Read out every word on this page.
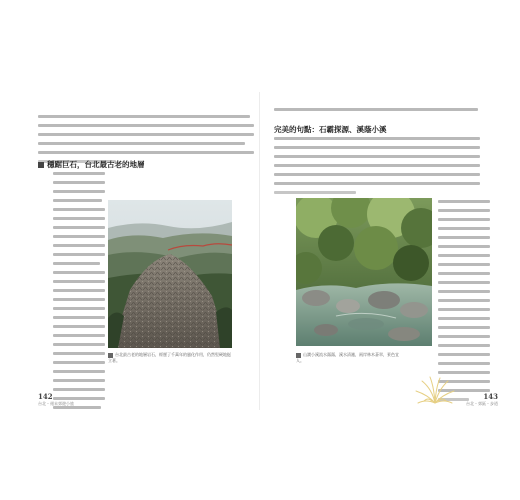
穩踞巨石，台北最古老的地層
台北最古老的地層岩石，經歷了千萬年的風化作用，仍然堅硬地挺立著。
142
台北・週末郊遊小旅
完美的句點：石霸探源、溪蔭小溪
山澗小溪流水潺潺，溪水清澈，兩岸林木蒼翠，景色宜人。
143
台北・郊區・步道
